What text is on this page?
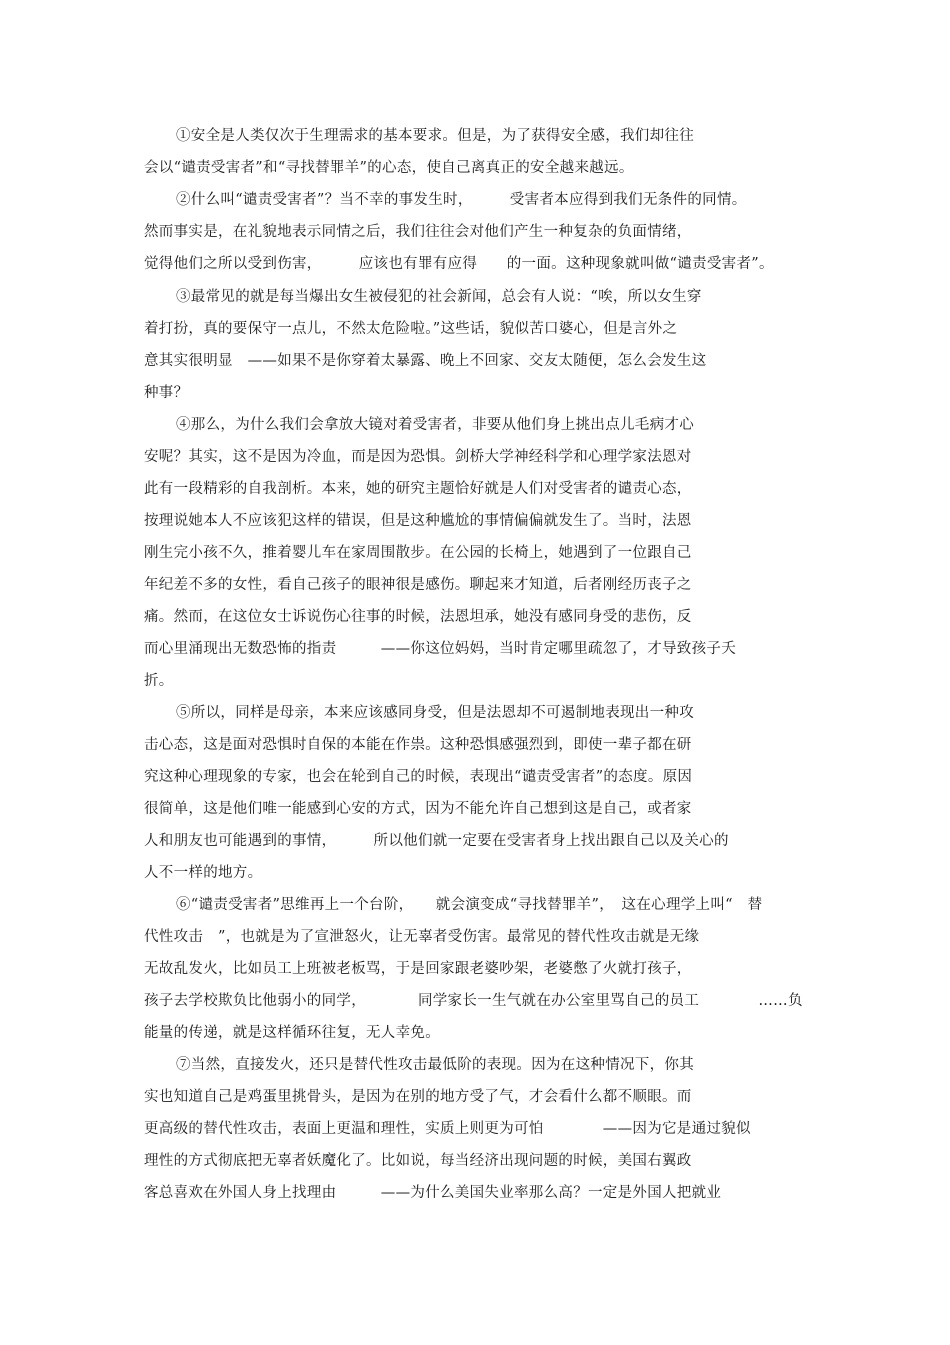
①安全是人类仅次于生理需求的基本要求。但是，为了获得安全感，我们却往往
会以“谴责受害者”和“寻找替罪羊”的心态，使自己离真正的安全越来越远。
②什么叫“谴责受害者”？当不幸的事发生时，　　　受害者本应得到我们无条件的同情。
然而事实是，在礼貌地表示同情之后，我们往往会对他们产生一种复杂的负面情绪，
觉得他们之所以受到伤害，　　　应该也有罪有应得　　的一面。这种现象就叫做“谴责受害者”。
③最常见的就是每当爆出女生被侵犯的社会新闻，总会有人说：“唉，所以女生穿
着打扮，真的要保守一点儿，不然太危险啦。”这些话，貌似苦口婆心，但是言外之
意其实很明显　——如果不是你穿着太暴露、晚上不回家、交友太随便，怎么会发生这
种事？
④那么，为什么我们会拿放大镜对着受害者，非要从他们身上挑出点儿毛病才心
安呢？其实，这不是因为冷血，而是因为恐惧。剑桥大学神经科学和心理学家法恩对
此有一段精彩的自我剖析。本来，她的研究主题恰好就是人们对受害者的谴责心态，
按理说她本人不应该犯这样的错误，但是这种尴尬的事情偏偏就发生了。当时，法恩
刚生完小孩不久，推着婴儿车在家周围散步。在公园的长椅上，她遇到了一位跟自己
年纪差不多的女性，看自己孩子的眼神很是感伤。聊起来才知道，后者刚经历丧子之
痛。然而，在这位女士诉说伤心往事的时候，法恩坦承，她没有感同身受的悲伤，反
而心里涌现出无数恐怖的指责　　　——你这位妈妈，当时肯定哪里疏忽了，才导致孩子夭
折。
⑤所以，同样是母亲，本来应该感同身受，但是法恩却不可遏制地表现出一种攻
击心态，这是面对恐惧时自保的本能在作祟。这种恐惧感强烈到，即使一辈子都在研
究这种心理现象的专家，也会在轮到自己的时候，表现出“谴责受害者”的态度。原因
很简单，这是他们唯一能感到心安的方式，因为不能允许自己想到这是自己，或者家
人和朋友也可能遇到的事情，　　　所以他们就一定要在受害者身上找出跟自己以及关心的
人不一样的地方。
⑥“谴责受害者”思维再上一个台阶，　　就会演变成“寻找替罪羊”，　这在心理学上叫“　替
代性攻击　”，也就是为了宣泄怒火，让无辜者受伤害。最常见的替代性攻击就是无缘
无故乱发火，比如员工上班被老板骂，于是回家跟老婆吵架，老婆憋了火就打孩子，
孩子去学校欺负比他弱小的同学，　　　　同学家长一生气就在办公室里骂自己的员工　　　　……负
能量的传递，就是这样循环往复，无人幸免。
⑦当然，直接发火，还只是替代性攻击最低阶的表现。因为在这种情况下，你其
实也知道自己是鸡蛋里挑骨头，是因为在别的地方受了气，才会看什么都不顺眼。而
更高级的替代性攻击，表面上更温和理性，实质上则更为可怕　　　　——因为它是通过貌似
理性的方式彻底把无辜者妖魔化了。比如说，每当经济出现问题的时候，美国右翼政
客总喜欢在外国人身上找理由　　　——为什么美国失业率那么高？一定是外国人把就业
